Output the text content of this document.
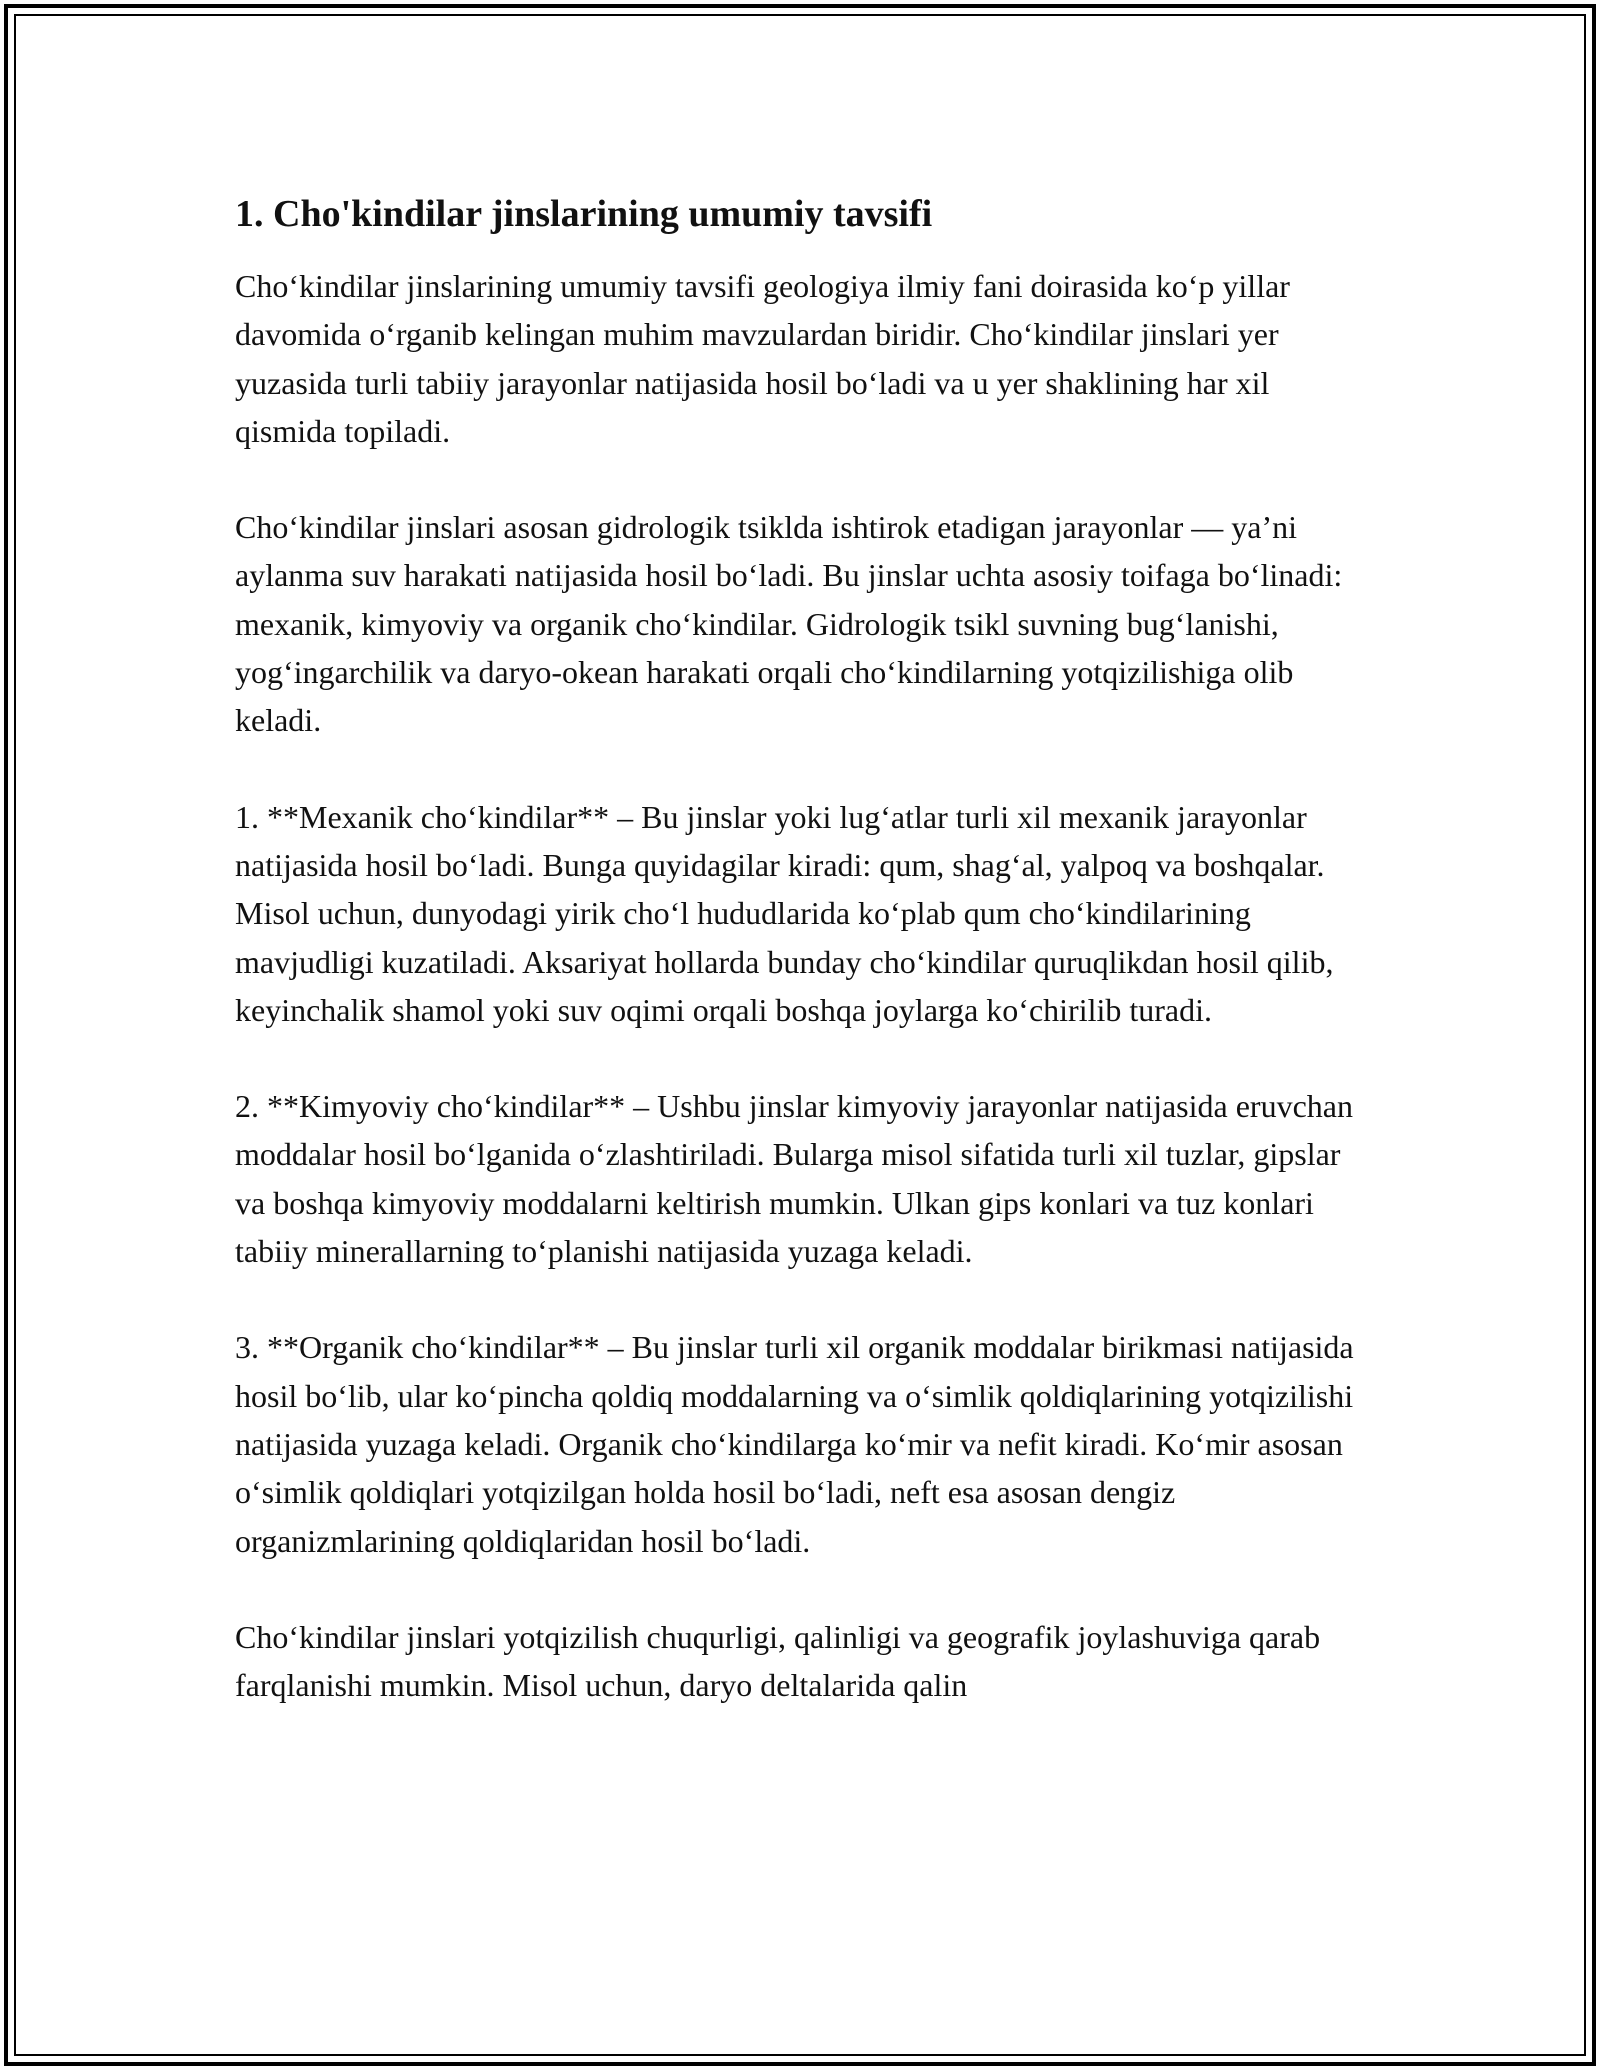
1. Cho'kindilar jinslarining umumiy tavsifi

Cho‘kindilar jinslarining umumiy tavsifi geologiya ilmiy fani doirasida ko‘p yillar davomida o‘rganib kelingan muhim mavzulardan biridir. Cho‘kindilar jinslari yer yuzasida turli tabiiy jarayonlar natijasida hosil bo‘ladi va u yer shaklining har xil qismida topiladi.

Cho‘kindilar jinslari asosan gidrologik tsiklda ishtirok etadigan jarayonlar — ya’ni aylanma suv harakati natijasida hosil bo‘ladi. Bu jinslar uchta asosiy toifaga bo‘linadi: mexanik, kimyoviy va organik cho‘kindilar. Gidrologik tsikl suvning bug‘lanishi, yog‘ingarchilik va daryo-okean harakati orqali cho‘kindilarning yotqizilishiga olib keladi.

1. **Mexanik cho‘kindilar** – Bu jinslar yoki lug‘atlar turli xil mexanik jarayonlar natijasida hosil bo‘ladi. Bunga quyidagilar kiradi: qum, shag‘al, yalpoq va boshqalar. Misol uchun, dunyodagi yirik cho‘l hududlarida ko‘plab qum cho‘kindilarining mavjudligi kuzatiladi. Aksariyat hollarda bunday cho‘kindilar quruqlikdan hosil qilib, keyinchalik shamol yoki suv oqimi orqali boshqa joylarga ko‘chirilib turadi.

2. **Kimyoviy cho‘kindilar** – Ushbu jinslar kimyoviy jarayonlar natijasida eruvchan moddalar hosil bo‘lganida o‘zlashtiriladi. Bularga misol sifatida turli xil tuzlar, gipslar va boshqa kimyoviy moddalarni keltirish mumkin. Ulkan gips konlari va tuz konlari tabiiy minerallarning to‘planishi natijasida yuzaga keladi.

3. **Organik cho‘kindilar** – Bu jinslar turli xil organik moddalar birikmasi natijasida hosil bo‘lib, ular ko‘pincha qoldiq moddalarning va o‘simlik qoldiqlarining yotqizilishi natijasida yuzaga keladi. Organik cho‘kindilarga ko‘mir va nefit kiradi. Ko‘mir asosan o‘simlik qoldiqlari yotqizilgan holda hosil bo‘ladi, neft esa asosan dengiz organizmlarining qoldiqlaridan hosil bo‘ladi.

Cho‘kindilar jinslari yotqizilish chuqurligi, qalinligi va geografik joylashuviga qarab farqlanishi mumkin. Misol uchun, daryo deltalarida qalin
